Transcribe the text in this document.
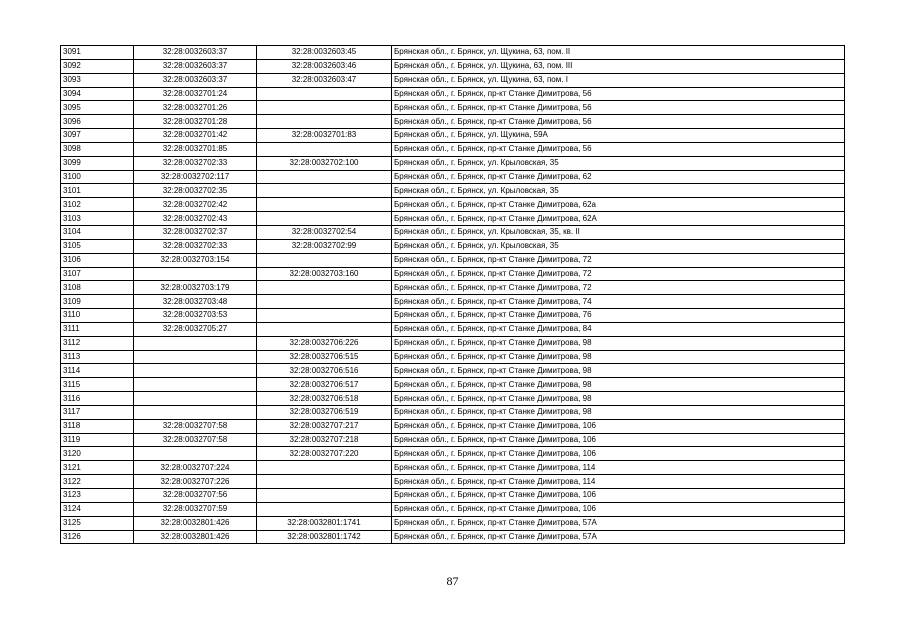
3091	32:28:0032603:37	32:28:0032603:45	Брянская обл., г. Брянск, ул. Щукина, 63, пом. II
3092	32:28:0032603:37	32:28:0032603:46	Брянская обл., г. Брянск, ул. Щукина, 63, пом. III
3093	32:28:0032603:37	32:28:0032603:47	Брянская обл., г. Брянск, ул. Щукина, 63, пом. I
3094	32:28:0032701:24		Брянская обл., г. Брянск, пр-кт Станке Димитрова, 56
3095	32:28:0032701:26		Брянская обл., г. Брянск, пр-кт Станке Димитрова, 56
3096	32:28:0032701:28		Брянская обл., г. Брянск, пр-кт Станке Димитрова, 56
3097	32:28:0032701:42	32:28:0032701:83	Брянская обл., г. Брянск, ул. Щукина, 59А
3098	32:28:0032701:85		Брянская обл., г. Брянск, пр-кт Станке Димитрова, 56
3099	32:28:0032702:33	32:28:0032702:100	Брянская обл., г. Брянск, ул. Крыловская, 35
3100	32:28:0032702:117		Брянская обл., г. Брянск, пр-кт Станке Димитрова, 62
3101	32:28:0032702:35		Брянская обл., г. Брянск, ул. Крыловская, 35
3102	32:28:0032702:42		Брянская обл., г. Брянск, пр-кт Станке Димитрова, 62а
3103	32:28:0032702:43		Брянская обл., г. Брянск, пр-кт Станке Димитрова, 62А
3104	32:28:0032702:37	32:28:0032702:54	Брянская обл., г. Брянск, ул. Крыловская, 35, кв. II
3105	32:28:0032702:33	32:28:0032702:99	Брянская обл., г. Брянск, ул. Крыловская, 35
3106	32:28:0032703:154		Брянская обл., г. Брянск, пр-кт Станке Димитрова, 72
3107		32:28:0032703:160	Брянская обл., г. Брянск, пр-кт Станке Димитрова, 72
3108	32:28:0032703:179		Брянская обл., г. Брянск, пр-кт Станке Димитрова, 72
3109	32:28:0032703:48		Брянская обл., г. Брянск, пр-кт Станке Димитрова, 74
3110	32:28:0032703:53		Брянская обл., г. Брянск, пр-кт Станке Димитрова, 76
3111	32:28:0032705:27		Брянская обл., г. Брянск, пр-кт Станке Димитрова, 84
3112		32:28:0032706:226	Брянская обл., г. Брянск, пр-кт Станке Димитрова, 98
3113		32:28:0032706:515	Брянская обл., г. Брянск, пр-кт Станке Димитрова, 98
3114		32:28:0032706:516	Брянская обл., г. Брянск, пр-кт Станке Димитрова, 98
3115		32:28:0032706:517	Брянская обл., г. Брянск, пр-кт Станке Димитрова, 98
3116		32:28:0032706:518	Брянская обл., г. Брянск, пр-кт Станке Димитрова, 98
3117		32:28:0032706:519	Брянская обл., г. Брянск, пр-кт Станке Димитрова, 98
3118	32:28:0032707:58	32:28:0032707:217	Брянская обл., г. Брянск, пр-кт Станке Димитрова, 106
3119	32:28:0032707:58	32:28:0032707:218	Брянская обл., г. Брянск, пр-кт Станке Димитрова, 106
3120		32:28:0032707:220	Брянская обл., г. Брянск, пр-кт Станке Димитрова, 106
3121	32:28:0032707:224		Брянская обл., г. Брянск, пр-кт Станке Димитрова, 114
3122	32:28:0032707:226		Брянская обл., г. Брянск, пр-кт Станке Димитрова, 114
3123	32:28:0032707:56		Брянская обл., г. Брянск, пр-кт Станке Димитрова, 106
3124	32:28:0032707:59		Брянская обл., г. Брянск, пр-кт Станке Димитрова, 106
3125	32:28:0032801:426	32:28:0032801:1741	Брянская обл., г. Брянск, пр-кт Станке Димитрова, 57А
3126	32:28:0032801:426	32:28:0032801:1742	Брянская обл., г. Брянск, пр-кт Станке Димитрова, 57А
87
